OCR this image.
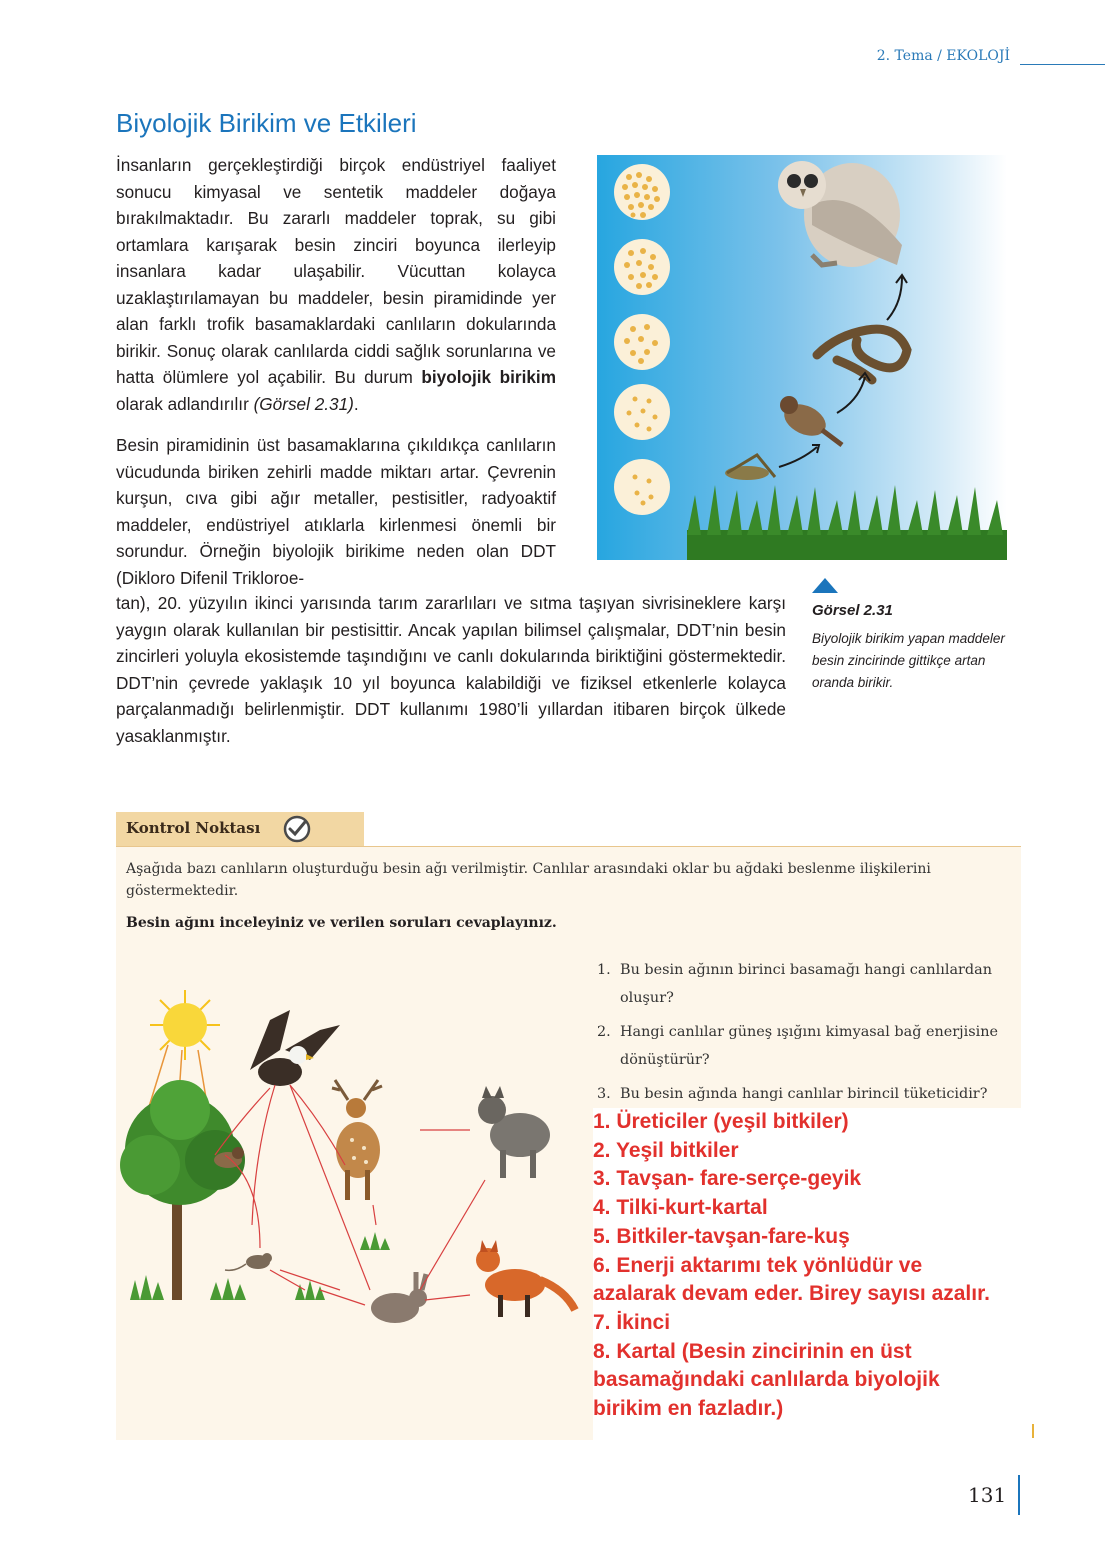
2. Tema / EKOLOJİ
Biyolojik Birikim ve Etkileri
İnsanların gerçekleştirdiği birçok endüstriyel faaliyet sonucu kimyasal ve sentetik maddeler doğaya bırakılmaktadır. Bu zararlı maddeler toprak, su gibi ortamlara karışarak besin zinciri boyunca ilerleyip insanlara kadar ulaşabilir. Vücuttan kolayca uzaklaştırılamayan bu maddeler, besin piramidinde yer alan farklı trofik basamaklardaki canlıların dokularında birikir. Sonuç olarak canlılarda ciddi sağlık sorunlarına ve hatta ölümlere yol açabilir. Bu durum biyolojik birikim olarak adlandırılır (Görsel 2.31).
Besin piramidinin üst basamaklarına çıkıldıkça canlıların vücudunda biriken zehirli madde miktarı artar. Çevrenin kurşun, cıva gibi ağır metaller, pestisitler, radyoaktif maddeler, endüstriyel atıklarla kirlenmesi önemli bir sorundur. Örneğin biyolojik birikime neden olan DDT (Dikloro Difenil Trikloroe-
tan), 20. yüzyılın ikinci yarısında tarım zararlıları ve sıtma taşıyan sivrisineklere karşı yaygın olarak kullanılan bir pestisittir. Ancak yapılan bilimsel çalışmalar, DDT’nin besin zincirleri yoluyla ekosistemde taşındığını ve canlı dokularında biriktiğini göstermektedir. DDT’nin çevrede yaklaşık 10 yıl boyunca kalabildiği ve fiziksel etkenlerle kolayca parçalanmadığı belirlenmiştir. DDT kullanımı 1980’li yıllardan itibaren birçok ülkede yasaklanmıştır.
Görsel 2.31
Biyolojik birikim yapan maddeler besin zincirinde gittikçe artan oranda birikir.
Kontrol Noktası
Aşağıda bazı canlıların oluşturduğu besin ağı verilmiştir. Canlılar arasındaki oklar bu ağdaki beslenme ilişkilerini göstermektedir.
Besin ağını inceleyiniz ve verilen soruları cevaplayınız.
1. Bu besin ağının birinci basamağı hangi canlılardan oluşur?
2. Hangi canlılar güneş ışığını kimyasal bağ enerjisine dönüştürür?
3. Bu besin ağında hangi canlılar birincil tüketicidir?
1. Üreticiler (yeşil bitkiler)
2. Yeşil bitkiler
3. Tavşan- fare-serçe-geyik
4. Tilki-kurt-kartal
5. Bitkiler-tavşan-fare-kuş
6. Enerji aktarımı tek yönlüdür ve
azalarak devam eder. Birey sayısı azalır.
7. İkinci
8. Kartal (Besin zincirinin en üst
basamağındaki canlılarda biyolojik
birikim en fazladır.)
131
